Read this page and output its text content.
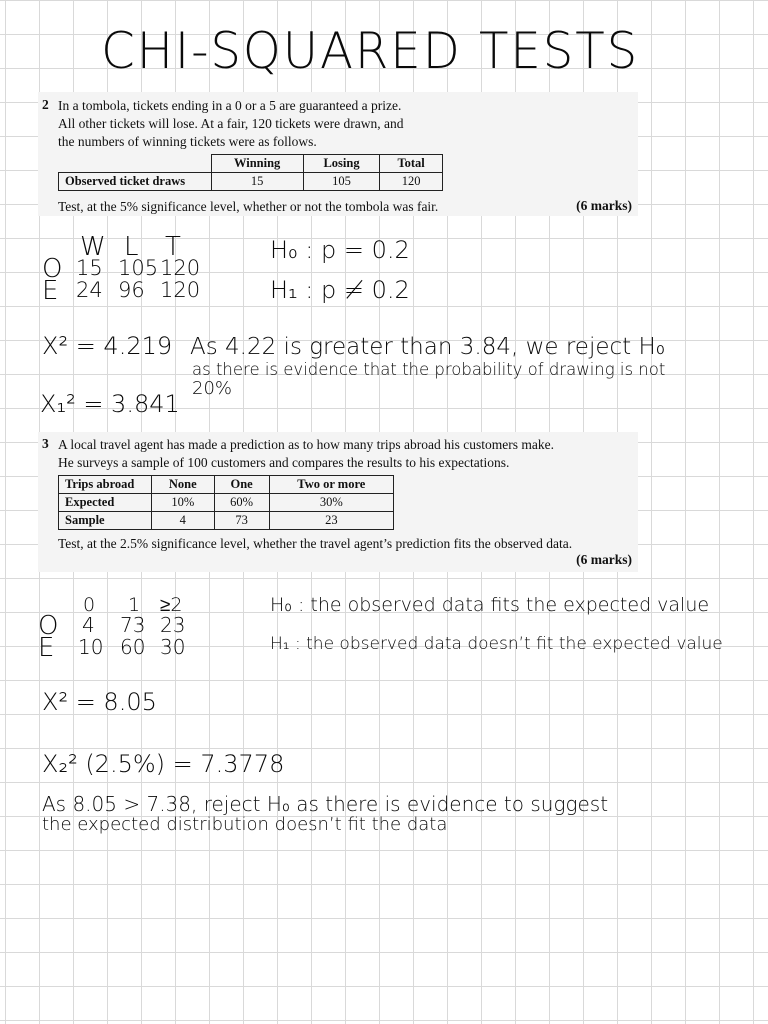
CHI-SQUARED TESTS
2 In a tombola, tickets ending in a 0 or a 5 are guaranteed a prize.

All other tickets will lose. At a fair, 120 tickets were drawn, and

the numbers of winning tickets were as follows.

	Winning	Losing	Total
Observed ticket draws	15	105	120

Test, at the 5% significance level, whether or not the tombola was fair.	(6 marks)
W L T
O 15 105 120
E 24 96 120
H₀ : p = 0.2
H₁ : p ≠ 0.2
X² = 4.219
X₁² = 3.841
As 4.22 is greater than 3.84, we reject H₀
as there is evidence that the probability of drawing is not
20%
3 A local travel agent has made a prediction as to how many trips abroad his customers make.

He surveys a sample of 100 customers and compares the results to his expectations.

Trips abroad	None	One	Two or more
Expected	10%	60%	30%
Sample	4	73	23

Test, at the 2.5% significance level, whether the travel agent’s prediction fits the observed data.

(6 marks)
0 1 ≥2
O 4 73 23
E 10 60 30
H₀ : the observed data fits the expected value
H₁ : the observed data doesn’t fit the expected value
X² = 8.05
X₂² (2.5%) = 7.3778
As 8.05 > 7.38, reject H₀ as there is evidence to suggest
the expected distribution doesn’t fit the data
